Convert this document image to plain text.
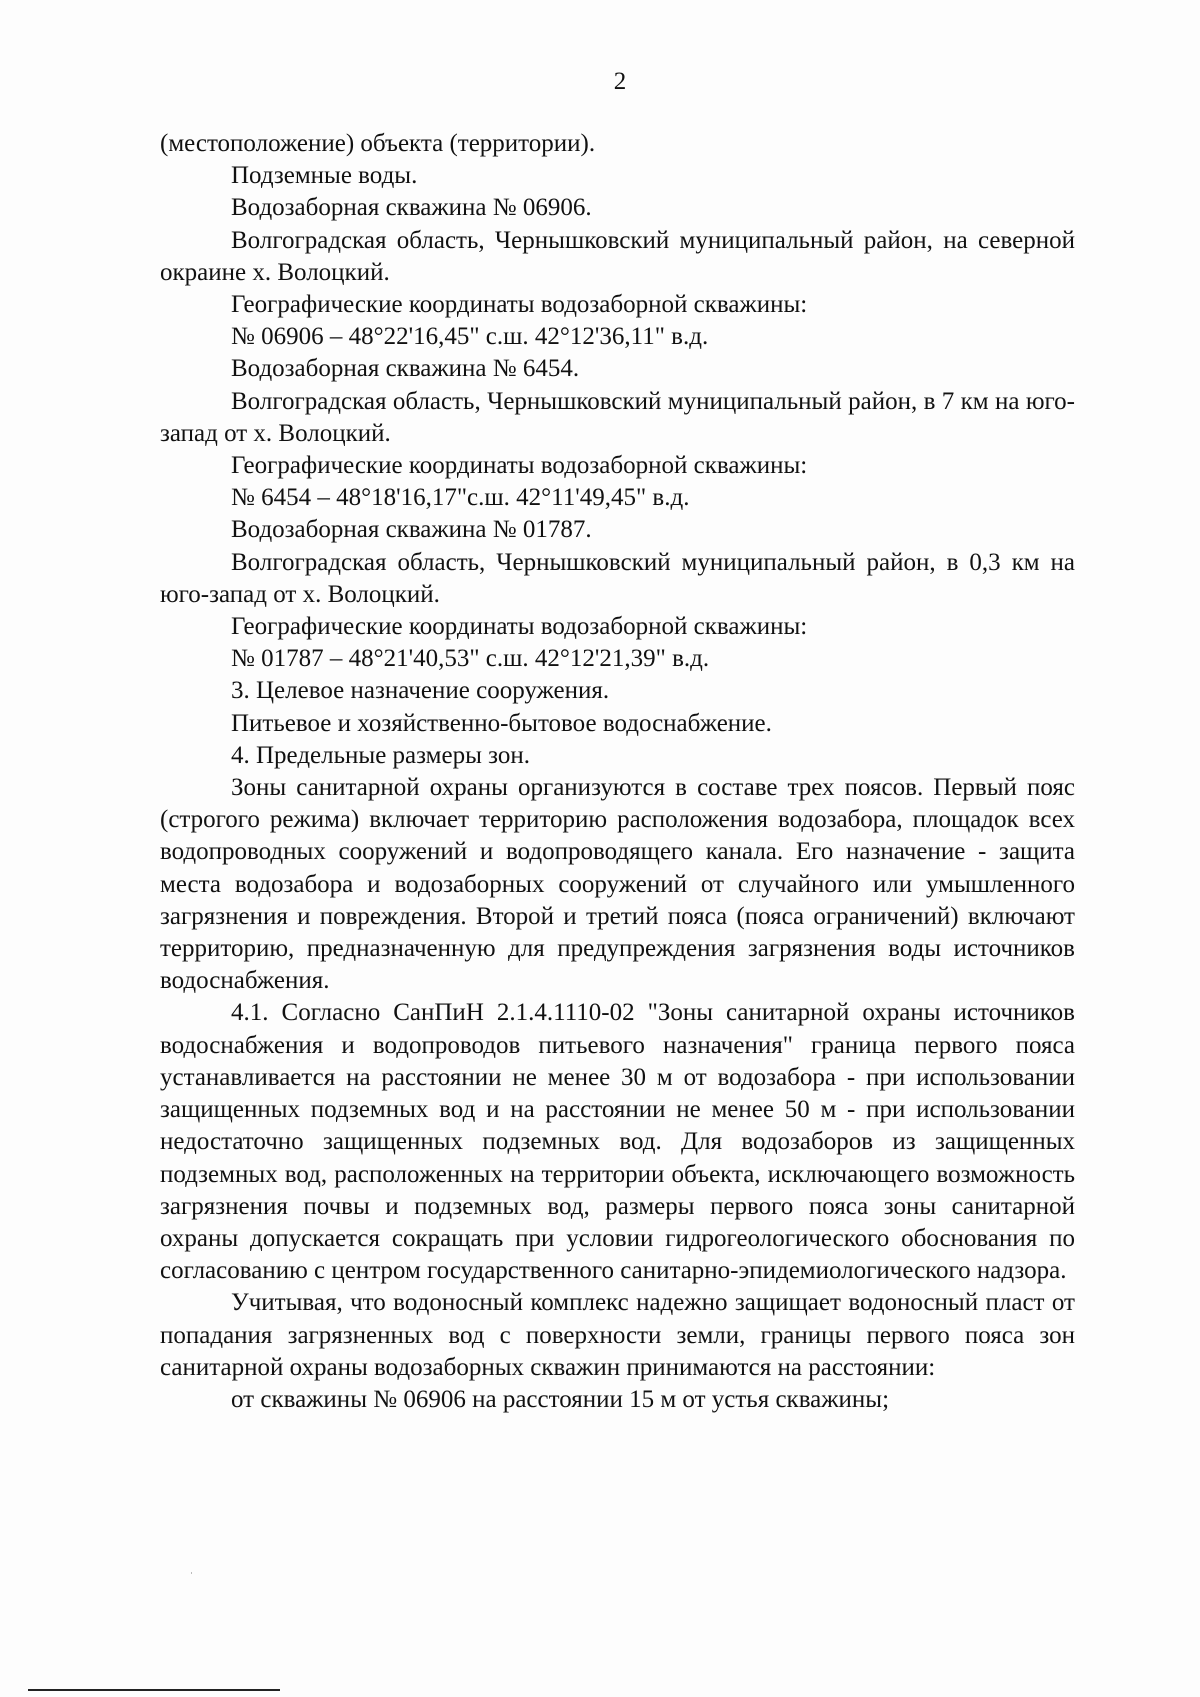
2

(местоположение) объекта (территории).

Подземные воды.

Водозаборная скважина № 06906.

Волгоградская область, Чернышковский муниципальный район, на северной окраине х. Волоцкий.

Географические координаты водозаборной скважины:

№ 06906 – 48°22'16,45" с.ш. 42°12'36,11" в.д.

Водозаборная скважина № 6454.

Волгоградская область, Чернышковский муниципальный район, в 7 км на юго-запад от х. Волоцкий.

Географические координаты водозаборной скважины:

№ 6454 – 48°18'16,17"с.ш. 42°11'49,45" в.д.

Водозаборная скважина № 01787.

Волгоградская область, Чернышковский муниципальный район, в 0,3 км на юго-запад от х. Волоцкий.

Географические координаты водозаборной скважины:

№ 01787 – 48°21'40,53" с.ш. 42°12'21,39" в.д.

3. Целевое назначение сооружения.

Питьевое и хозяйственно-бытовое водоснабжение.

4. Предельные размеры зон.

Зоны санитарной охраны организуются в составе трех поясов. Первый пояс (строгого режима) включает территорию расположения водозабора, площадок всех водопроводных сооружений и водопроводящего канала. Его назначение - защита места водозабора и водозаборных сооружений от случайного или умышленного загрязнения и повреждения. Второй и третий пояса (пояса ограничений) включают территорию, предназначенную для предупреждения загрязнения воды источников водоснабжения.

4.1. Согласно СанПиН 2.1.4.1110-02 "Зоны санитарной охраны источников водоснабжения и водопроводов питьевого назначения" граница первого пояса устанавливается на расстоянии не менее 30 м от водозабора - при использовании защищенных подземных вод и на расстоянии не менее 50 м - при использовании недостаточно защищенных подземных вод. Для водозаборов из защищенных подземных вод, расположенных на территории объекта, исключающего возможность загрязнения почвы и подземных вод, размеры первого пояса зоны санитарной охраны допускается сокращать при условии гидрогеологического обоснования по согласованию с центром государственного санитарно-эпидемиологического надзора.

Учитывая, что водоносный комплекс надежно защищает водоносный пласт от попадания загрязненных вод с поверхности земли, границы первого пояса зон санитарной охраны водозаборных скважин принимаются на расстоянии:

от скважины № 06906 на расстоянии 15 м от устья скважины;
